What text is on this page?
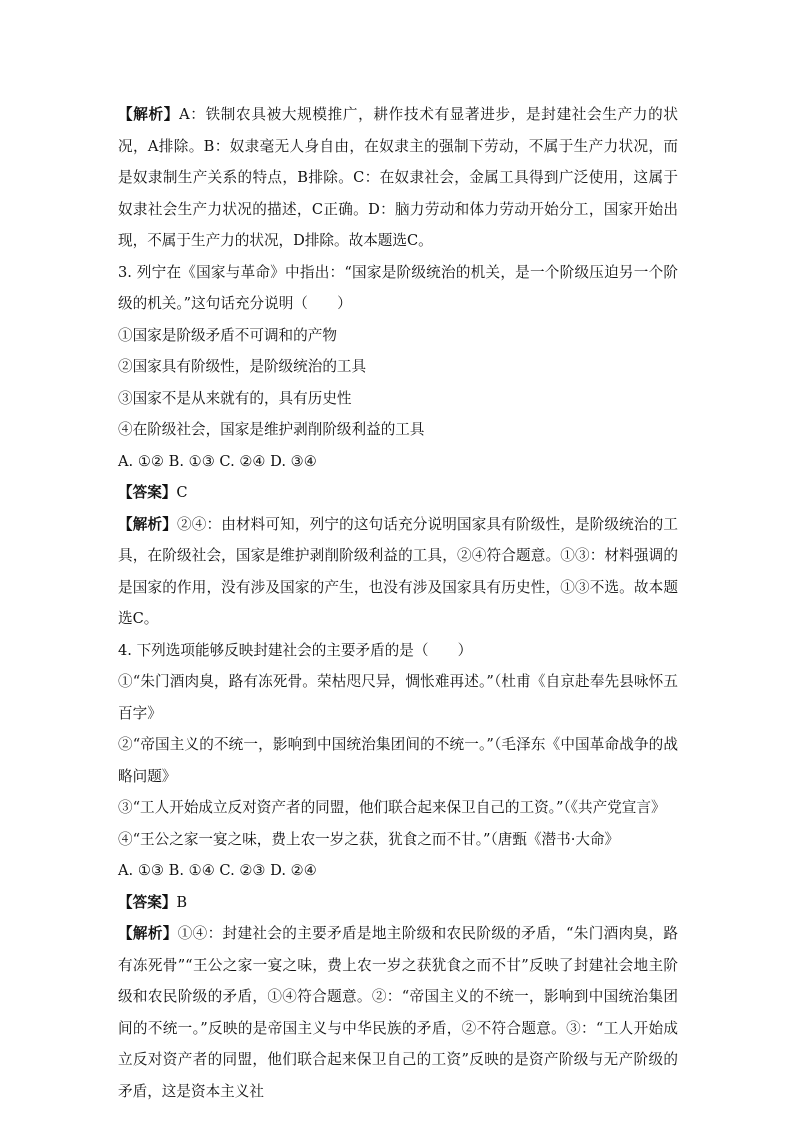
【解析】A：铁制农具被大规模推广，耕作技术有显著进步，是封建社会生产力的状况，A排除。B：奴隶毫无人身自由，在奴隶主的强制下劳动，不属于生产力状况，而是奴隶制生产关系的特点，B排除。C：在奴隶社会，金属工具得到广泛使用，这属于奴隶社会生产力状况的描述，C正确。D：脑力劳动和体力劳动开始分工，国家开始出现，不属于生产力的状况，D排除。故本题选C。

3. 列宁在《国家与革命》中指出：“国家是阶级统治的机关，是一个阶级压迫另一个阶级的机关。”这句话充分说明（　　）

①国家是阶级矛盾不可调和的产物

②国家具有阶级性，是阶级统治的工具

③国家不是从来就有的，具有历史性

④在阶级社会，国家是维护剥削阶级利益的工具

A. ①② B. ①③ C. ②④ D. ③④

【答案】C

【解析】②④：由材料可知，列宁的这句话充分说明国家具有阶级性，是阶级统治的工具，在阶级社会，国家是维护剥削阶级利益的工具，②④符合题意。①③：材料强调的是国家的作用，没有涉及国家的产生，也没有涉及国家具有历史性，①③不选。故本题选C。

4. 下列选项能够反映封建社会的主要矛盾的是（　　）

①“朱门酒肉臭，路有冻死骨。荣枯咫尺异，惆怅难再述。”（杜甫《自京赴奉先县咏怀五百字》

②“帝国主义的不统一，影响到中国统治集团间的不统一。”（毛泽东《中国革命战争的战略问题》

③“工人开始成立反对资产者的同盟，他们联合起来保卫自己的工资。”（《共产党宣言》

④“王公之家一宴之味，费上农一岁之获，犹食之而不甘。”（唐甄《潜书·大命》

A. ①③ B. ①④ C. ②③ D. ②④

【答案】B

【解析】①④：封建社会的主要矛盾是地主阶级和农民阶级的矛盾，“朱门酒肉臭，路有冻死骨”“王公之家一宴之味，费上农一岁之获犹食之而不甘”反映了封建社会地主阶级和农民阶级的矛盾，①④符合题意。②：“帝国主义的不统一，影响到中国统治集团间的不统一。”反映的是帝国主义与中华民族的矛盾，②不符合题意。③：“工人开始成立反对资产者的同盟，他们联合起来保卫自己的工资”反映的是资产阶级与无产阶级的矛盾，这是资本主义社
